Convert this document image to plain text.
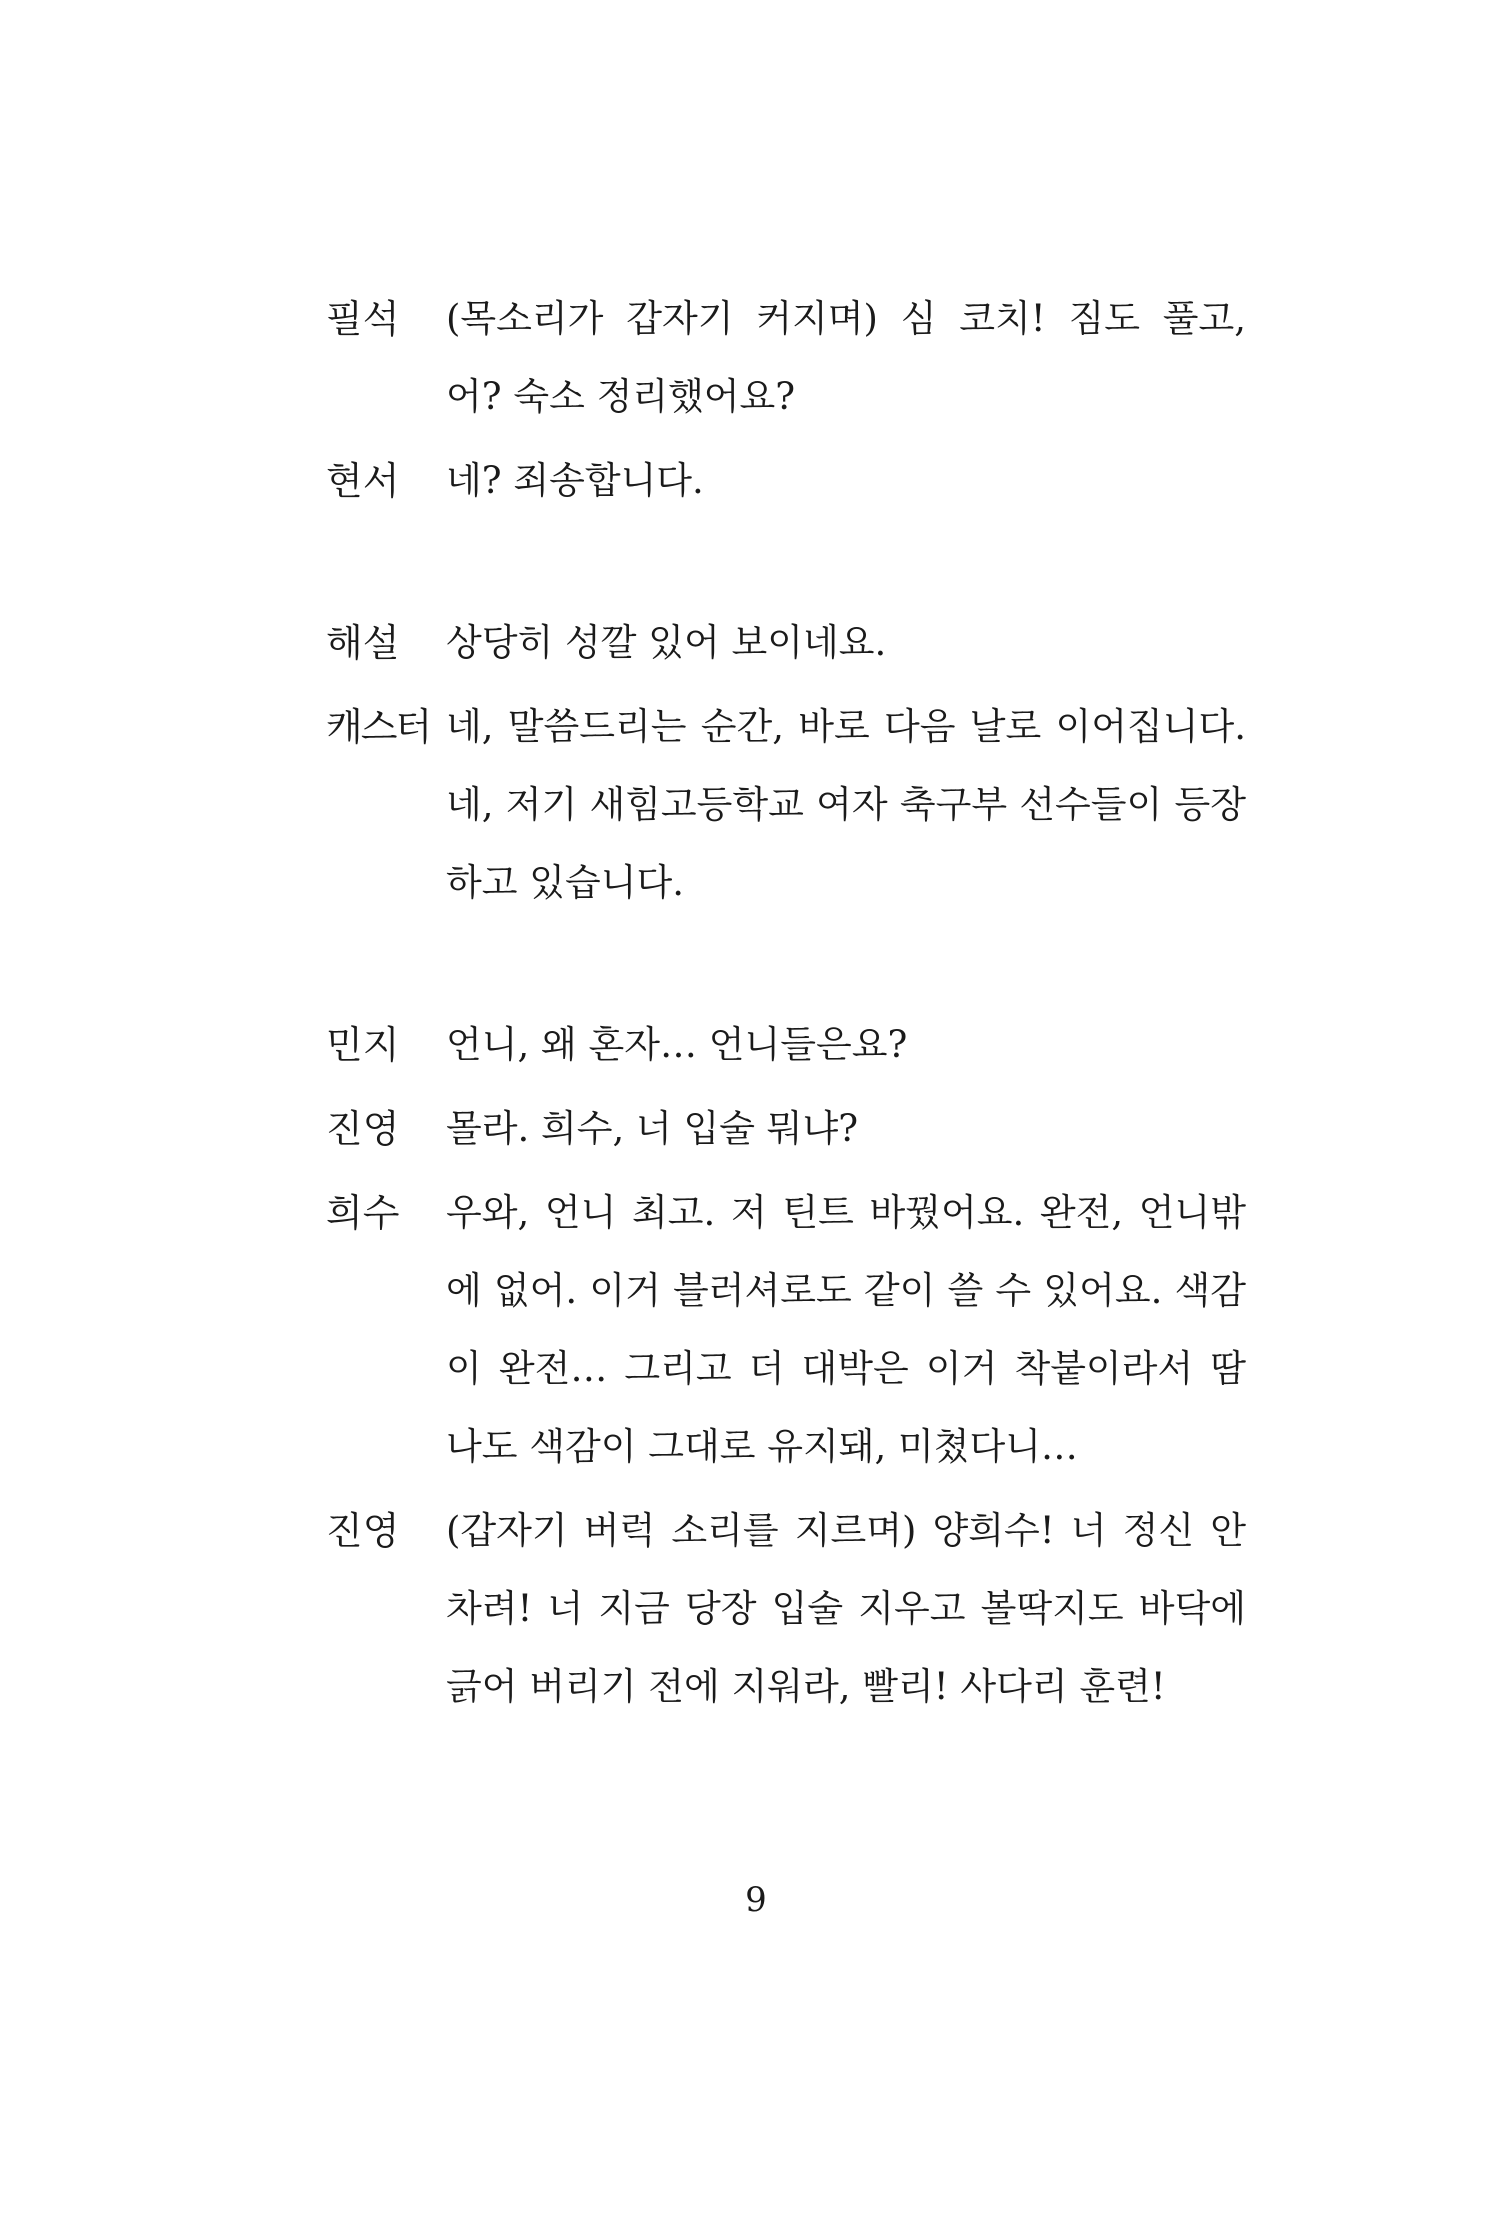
필석	(목소리가 갑자기 커지며) 심 코치! 짐도 풀고, 어? 숙소 정리했어요?
현서	네? 죄송합니다.
해설	상당히 성깔 있어 보이네요.
캐스터 네, 말씀드리는 순간, 바로 다음 날로 이어집니다. 네, 저기 새힘고등학교 여자 축구부 선수들이 등장하고 있습니다.
민지	언니, 왜 혼자… 언니들은요?
진영	몰라. 희수, 너 입술 뭐냐?
희수	우와, 언니 최고. 저 틴트 바꿨어요. 완전, 언니밖에 없어. 이거 블러셔로도 같이 쓸 수 있어요. 색감이 완전… 그리고 더 대박은 이거 착붙이라서 땀 나도 색감이 그대로 유지돼, 미쳤다니…
진영	(갑자기 버럭 소리를 지르며) 양희수! 너 정신 안 차려! 너 지금 당장 입술 지우고 볼딱지도 바닥에 긁어 버리기 전에 지워라, 빨리! 사다리 훈련!
9
